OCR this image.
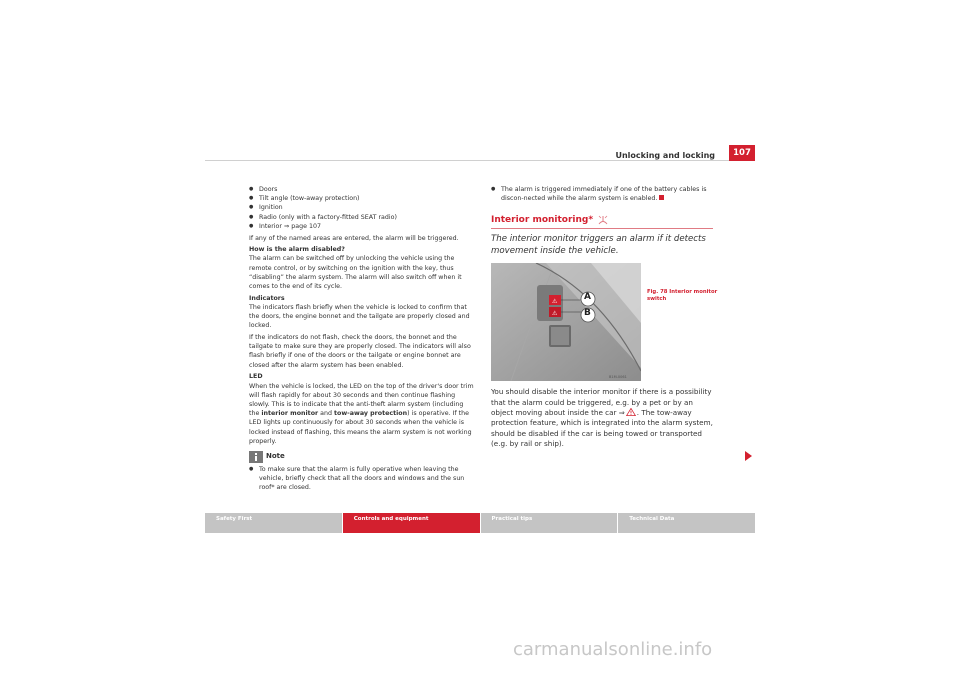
Unlocking and locking	107
● Doors
● Tilt angle (tow-away protection)
● Ignition
● Radio (only with a factory-fitted SEAT radio)
● Interior ⇒ page 107

If any of the named areas are entered, the alarm will be triggered.

How is the alarm disabled?

The alarm can be switched off by unlocking the vehicle using the remote control, or by switching on the ignition with the key, thus “disabling” the alarm system. The alarm will also switch off when it comes to the end of its cycle.

Indicators

The indicators flash briefly when the vehicle is locked to confirm that the doors, the engine bonnet and the tailgate are properly closed and locked.

If the indicators do not flash, check the doors, the bonnet and the tailgate to make sure they are properly closed. The indicators will also flash briefly if one of the doors or the tailgate or engine bonnet are closed after the alarm system has been enabled.

LED

When the vehicle is locked, the LED on the top of the driver's door trim will flash rapidly for about 30 seconds and then continue flashing slowly. This is to indicate that the anti-theft alarm system (including the interior monitor and tow-away protection) is operative. If the LED lights up continuously for about 30 seconds when the vehicle is locked instead of flashing, this means the alarm system is not working properly.

Note
● To make sure that the alarm is fully operative when leaving the vehicle, briefly check that all the doors and windows and the sun roof* are closed.
● The alarm is triggered immediately if one of the battery cables is discon-nected while the alarm system is enabled.
Interior monitoring*

The interior monitor triggers an alarm if it detects movement inside the vehicle.

⚠
⚠
A
B
B1M-0061
Fig. 78 Interior monitor
switch

You should disable the interior monitor if there is a possibility that the alarm could be triggered, e.g. by a pet or by an object moving about inside the car ⇒ . The tow-away protection feature, which is integrated into the alarm system, should be disabled if the car is being towed or transported (e.g. by rail or ship).

Safety First	Controls and equipment	Practical tips	Technical Data
carmanualsonline.info
